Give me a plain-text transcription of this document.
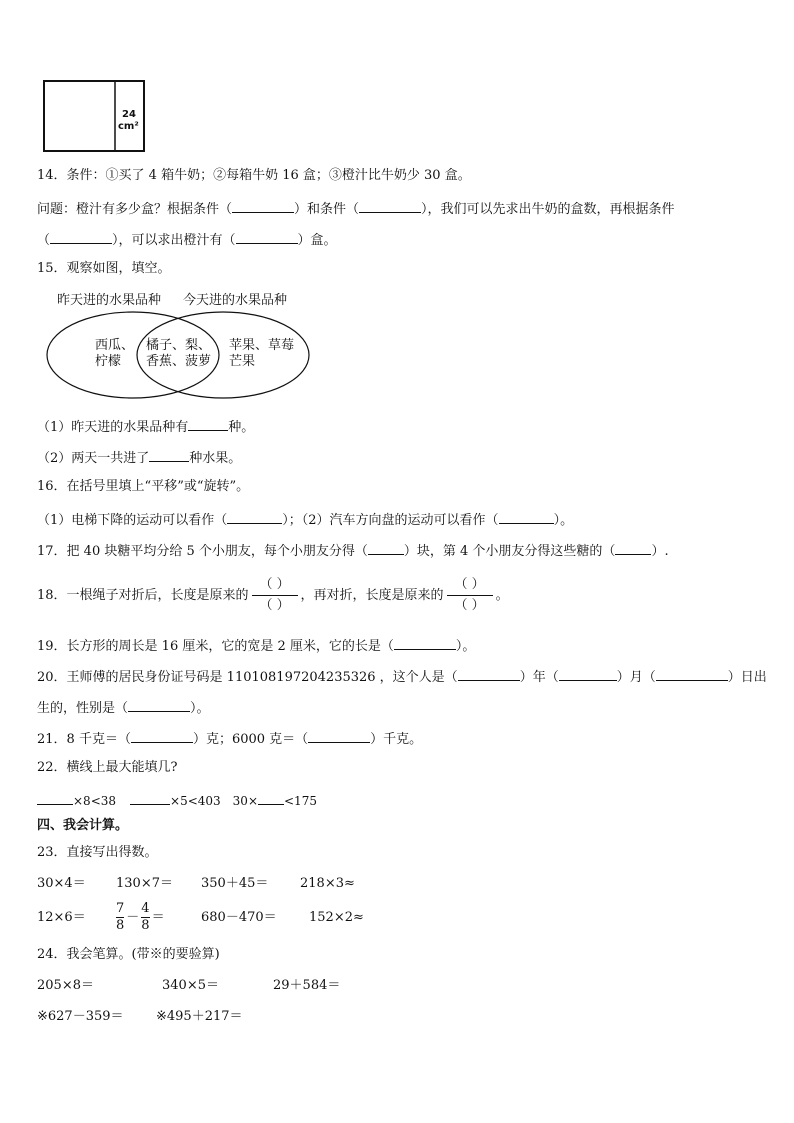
24
cm²
14．条件：①买了 4 箱牛奶；②每箱牛奶 16 盒；③橙汁比牛奶少 30 盒。
问题：橙汁有多少盒？根据条件（	）和条件（	），我们可以先求出牛奶的盒数，再根据条件
（	），可以求出橙汁有（	）盒。
15．观察如图，填空。
昨天进的水果品种 今天进的水果品种
西瓜、
柠檬
橘子、梨、
香蕉、菠萝
苹果、草莓
芒果
（1）昨天进的水果品种有	种。
（2）两天一共进了	种水果。
16．在括号里填上“平移”或“旋转”。
（1）电梯下降的运动可以看作（	）；（2）汽车方向盘的运动可以看作（	）。
17．把 40 块糖平均分给 5 个小朋友，每个小朋友分得（	）块，第 4 个小朋友分得这些糖的（	）.
18．一根绳子对折后，长度是原来的
（ ）
（ ）
，再对折，长度是原来的
（ ）
（ ）
。
19．长方形的周长是 16 厘米，它的宽是 2 厘米，它的长是（	）。
20．王师傅的居民身份证号码是 110108197204235326 ，这个人是（	）年（	）月（	）日出
生的，性别是（	）。
21．8 千克＝（	）克；6000 克＝（	）千克。
22．横线上最大能填几?
×8<38	×5<403 30× <175
四、我会计算。
23．直接写出得数。
30×4＝ 130×7＝ 350＋45＝ 218×3≈
$12\times 6= \frac{7}{8} - \frac{4}{8}$ ＝	680－470＝ 152×2≈
24．我会笔算。(带※的要验算)
205×8＝	340×5＝	29＋584＝
※627－359＝ ※495＋217＝
